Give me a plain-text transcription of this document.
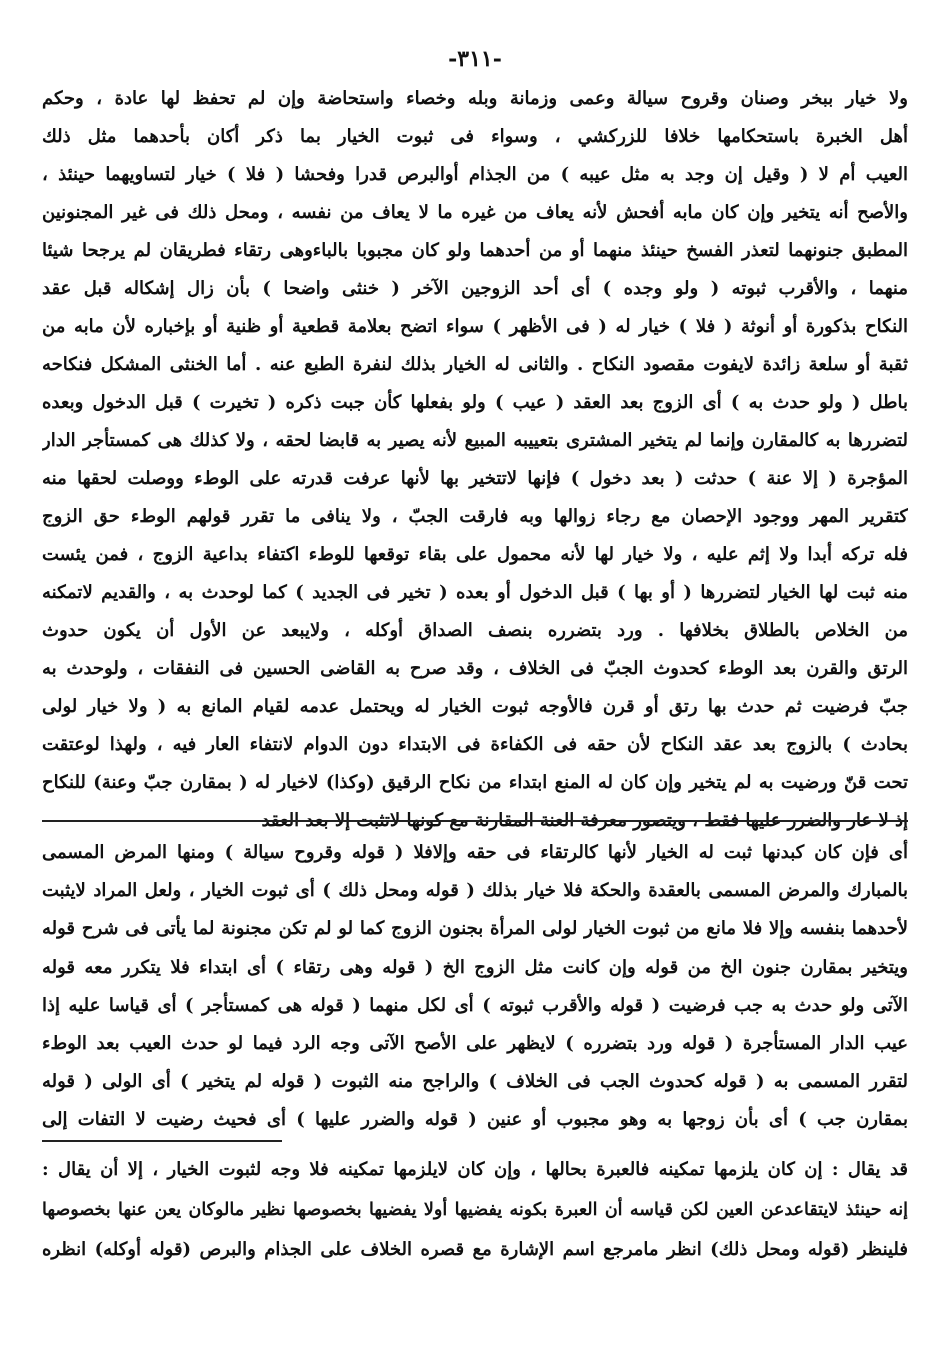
-٣١١-
ولا خيار ببخر وصنان وقروح سيالة وعمى وزمانة وبله وخصاء واستحاضة وإن لم تحفظ لها عادة ، وحكم
أهل الخبرة باستحكامها خلافا للزركشي ، وسواء فى ثبوت الخيار بما ذكر أكان بأحدهما مثل ذلك
العيب أم لا ( وقيل إن وجد به مثل عيبه ) من الجذام أوالبرص قدرا وفحشا ( فلا ) خيار لتساويهما حينئذ ،
والأصح أنه يتخير وإن كان مابه أفحش لأنه يعاف من غيره ما لا يعاف من نفسه ، ومحل ذلك فى غير المجنونين
المطبق جنونهما لتعذر الفسخ حينئذ منهما أو من أحدهما ولو كان مجبوبا بالباءوهى رتقاء فطريقان لم يرجحا شيئا
منهما ، والأقرب ثبوته ( ولو وجده ) أى أحد الزوجين الآخر ( خنثى واضحا ) بأن زال إشكاله قبل عقد
النكاح بذكورة أو أنوثة ( فلا ) خيار له ( فى الأظهر ) سواء اتضح بعلامة قطعية أو ظنية أو بإخباره لأن مابه من
ثقبة أو سلعة زائدة لايفوت مقصود النكاح . والثانى له الخيار بذلك لنفرة الطبع عنه . أما الخنثى المشكل فنكاحه
باطل ( ولو حدث به ) أى الزوج بعد العقد ( عيب ) ولو بفعلها كأن جبت ذكره ( تخيرت ) قبل الدخول وبعده
لتضررها به كالمقارن وإنما لم يتخير المشترى بتعييبه المبيع لأنه يصير به قابضا لحقه ، ولا كذلك هى كمستأجر الدار
المؤجرة ( إلا عنة ) حدثت ( بعد دخول ) فإنها لاتتخير بها لأنها عرفت قدرته على الوطء ووصلت لحقها منه
كتقرير المهر ووجود الإحصان مع رجاء زوالها وبه فارقت الجبّ ، ولا ينافى ما تقرر قولهم الوطء حق الزوج
فله تركه أبدا ولا إثم عليه ، ولا خيار لها لأنه محمول على بقاء توقعها للوطء اكتفاء بداعية الزوج ، فمن يئست
منه ثبت لها الخيار لتضررها ( أو بها ) قبل الدخول أو بعده ( تخير فى الجديد ) كما لوحدث به ، والقديم لاتمكنه
من الخلاص بالطلاق بخلافها . ورد بتضرره بنصف الصداق أوكله ، ولايبعد عن الأول أن يكون حدوث
الرتق والقرن بعد الوطء كحدوث الجبّ فى الخلاف ، وقد صرح به القاضى الحسين فى النفقات ، ولوحدث به
جبّ فرضيت ثم حدث بها رتق أو قرن فالأوجه ثبوت الخيار له ويحتمل عدمه لقيام المانع به ( ولا خيار لولى
بحادث ) بالزوج بعد عقد النكاح لأن حقه فى الكفاءة فى الابتداء دون الدوام لانتفاء العار فيه ، ولهذا لوعتقت
تحت قنّ ورضيت به لم يتخير وإن كان له المنع ابتداء من نكاح الرقيق (وكذا) لاخيار له ( بمقارن جبّ وعنة) للنكاح
إذ لا عار والضرر عليها فقط ، ويتصور معرفة العنة المقارنة مع كونها لاتثبت إلا بعد العقد
أى فإن كان كبدنها ثبت له الخيار لأنها كالرتقاء فى حقه وإلافلا ( قوله وقروح سيالة ) ومنها المرض المسمى
بالمبارك والمرض المسمى بالعقدة والحكة فلا خيار بذلك ( قوله ومحل ذلك ) أى ثبوت الخيار ، ولعل المراد لايثبت
لأحدهما بنفسه وإلا فلا مانع من ثبوت الخيار لولى المرأة بجنون الزوج كما لو لم تكن مجنونة لما يأتى فى شرح قوله
ويتخير بمقارن جنون الخ من قوله وإن كانت مثل الزوج الخ ( قوله وهى رتقاء ) أى ابتداء فلا يتكرر معه قوله
الآتى ولو حدث به جب فرضيت ( قوله والأقرب ثبوته ) أى لكل منهما ( قوله هى كمستأجر ) أى قياسا عليه إذا
عيب الدار المستأجرة ( قوله ورد بتضرره ) لايظهر على الأصح الآتى وجه الرد فيما لو حدث العيب بعد الوطء
لتقرر المسمى به ( قوله كحدوث الجب فى الخلاف ) والراجح منه الثبوت ( قوله لم يتخير ) أى الولى ( قوله
بمقارن جب ) أى بأن زوجها به وهو مجبوب أو عنين ( قوله والضرر عليها ) أى فحيث رضيت لا التفات إلى
قد يقال : إن كان يلزمها تمكينه فالعبرة بحالها ، وإن كان لايلزمها تمكينه فلا وجه لثبوت الخيار ، إلا أن يقال :
إنه حينئذ لايتقاعدعن العين لكن قياسه أن العبرة بكونه يفضيها أولا يفضيها بخصوصها نظير مالوكان يعن عنها بخصوصها
فلينظر (قوله ومحل ذلك) انظر مامرجع اسم الإشارة مع قصره الخلاف على الجذام والبرص (قوله أوكله) انظره
